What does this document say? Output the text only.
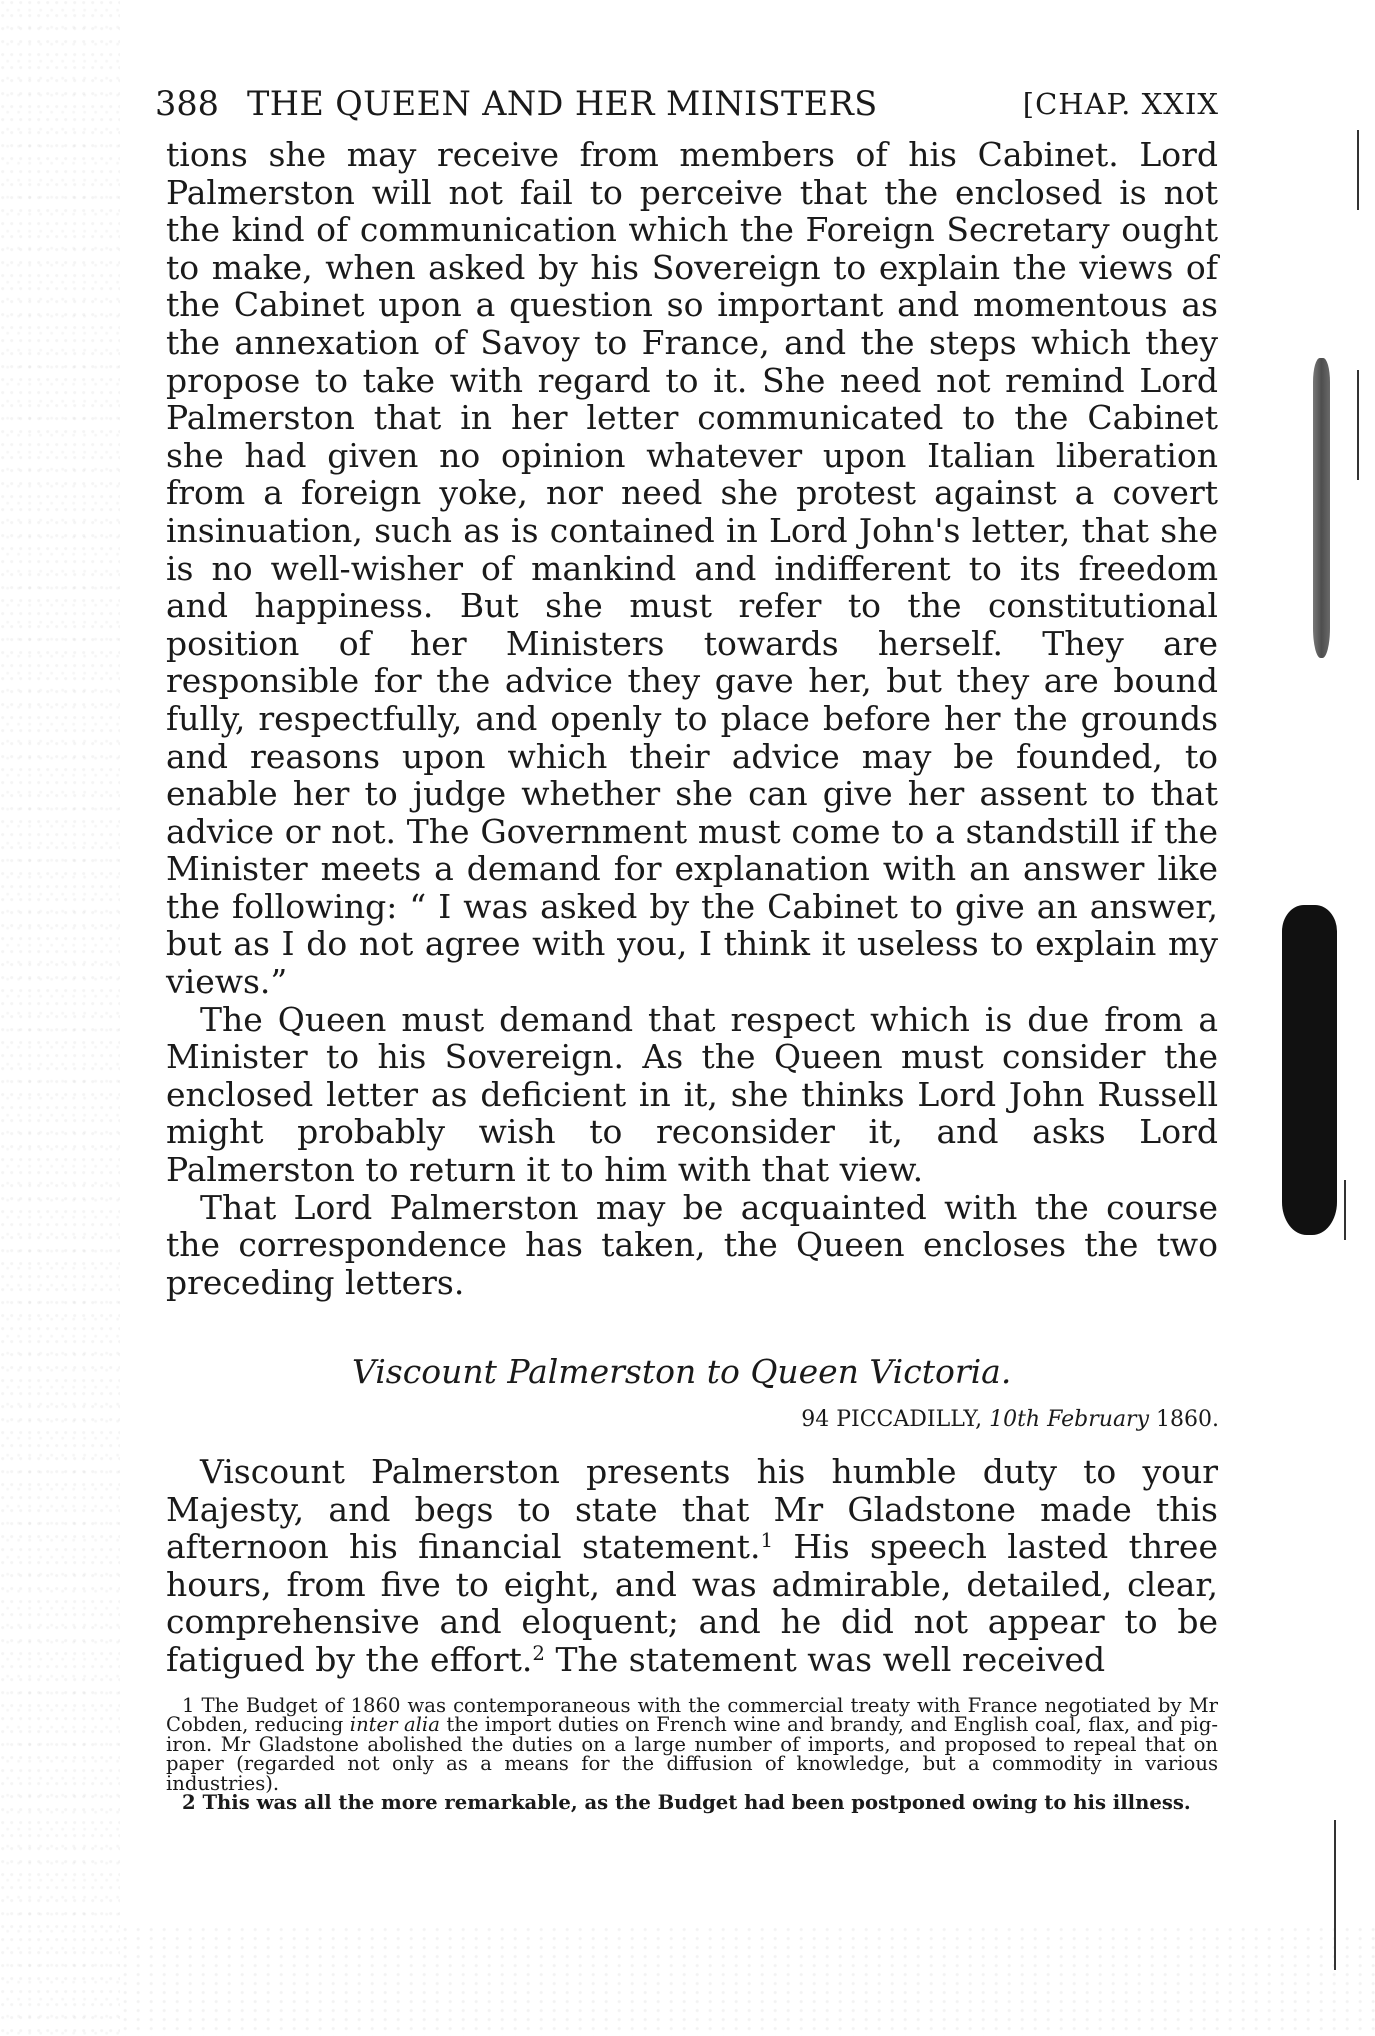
388 THE QUEEN AND HER MINISTERS	[CHAP. XXIX

tions she may receive from members of his Cabinet. Lord Palmerston will not fail to perceive that the enclosed is not the kind of communication which the Foreign Secretary ought to make, when asked by his Sovereign to explain the views of the Cabinet upon a question so important and momentous as the annexation of Savoy to France, and the steps which they propose to take with regard to it. She need not remind Lord Palmerston that in her letter communicated to the Cabinet she had given no opinion whatever upon Italian liberation from a foreign yoke, nor need she protest against a covert insinuation, such as is contained in Lord John's letter, that she is no well-wisher of mankind and indifferent to its freedom and happiness. But she must refer to the constitutional position of her Ministers towards herself. They are responsible for the advice they gave her, but they are bound fully, respectfully, and openly to place before her the grounds and reasons upon which their advice may be founded, to enable her to judge whether she can give her assent to that advice or not. The Government must come to a standstill if the Minister meets a demand for explanation with an answer like the following: “ I was asked by the Cabinet to give an answer, but as I do not agree with you, I think it useless to explain my views.”

The Queen must demand that respect which is due from a Minister to his Sovereign. As the Queen must consider the enclosed letter as deficient in it, she thinks Lord John Russell might probably wish to reconsider it, and asks Lord Palmerston to return it to him with that view.

That Lord Palmerston may be acquainted with the course the correspondence has taken, the Queen encloses the two preceding letters.

Viscount Palmerston to Queen Victoria.
94 PICCADILLY, 10th February 1860.

Viscount Palmerston presents his humble duty to your Majesty, and begs to state that Mr Gladstone made this afternoon his financial statement.$^1$ His speech lasted three hours, from five to eight, and was admirable, detailed, clear, comprehensive and eloquent; and he did not appear to be fatigued by the effort.$^2$ The statement was well received

1 The Budget of 1860 was contemporaneous with the commercial treaty with France negotiated by Mr Cobden, reducing inter alia the import duties on French wine and brandy, and English coal, flax, and pig-iron. Mr Gladstone abolished the duties on a large number of imports, and proposed to repeal that on paper (regarded not only as a means for the diffusion of knowledge, but a commodity in various industries).

2 This was all the more remarkable, as the Budget had been postponed owing to his illness.
